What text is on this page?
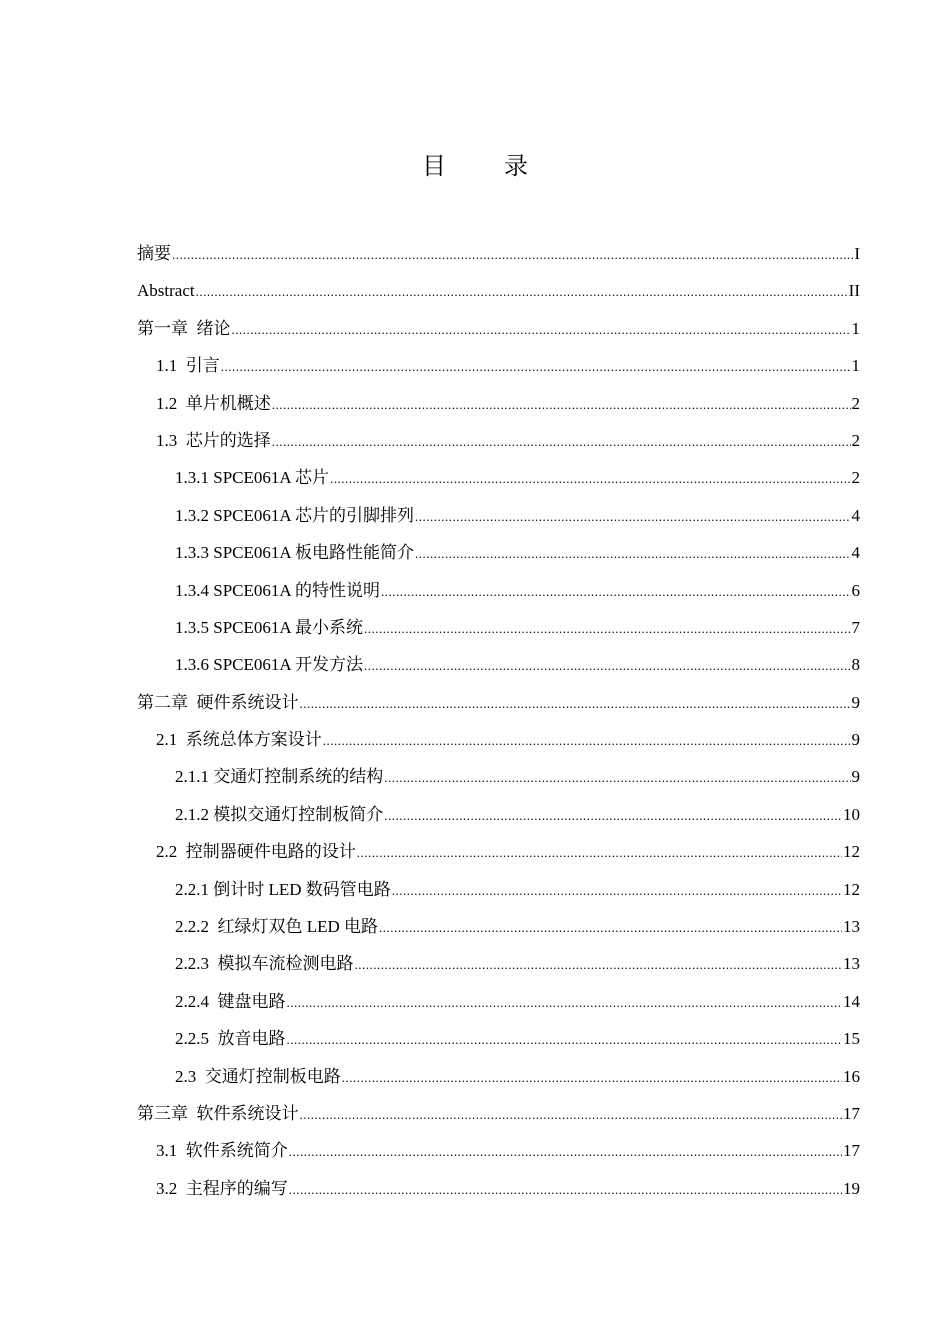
目 录
摘要 .....	I
Abstract .....	II
第一章  绪论 .....	1
1.1  引言 .....	1
1.2  单片机概述 .....	2
1.3  芯片的选择 .....	2
1.3.1 SPCE061A 芯片 .....	2
1.3.2 SPCE061A 芯片的引脚排列 .....	4
1.3.3 SPCE061A 板电路性能简介 .....	4
1.3.4 SPCE061A 的特性说明 .....	6
1.3.5 SPCE061A 最小系统 .....	7
1.3.6 SPCE061A 开发方法 .....	8
第二章  硬件系统设计 .....	9
2.1  系统总体方案设计 .....	9
2.1.1 交通灯控制系统的结构 .....	9
2.1.2 模拟交通灯控制板简介 .....	10
2.2  控制器硬件电路的设计 .....	12
2.2.1 倒计时 LED 数码管电路 .....	12
2.2.2  红绿灯双色 LED 电路 .....	13
2.2.3  模拟车流检测电路 .....	13
2.2.4  键盘电路 .....	14
2.2.5  放音电路 .....	15
2.3  交通灯控制板电路 .....	16
第三章  软件系统设计 .....	17
3.1  软件系统简介 .....	17
3.2  主程序的编写 .....	19
